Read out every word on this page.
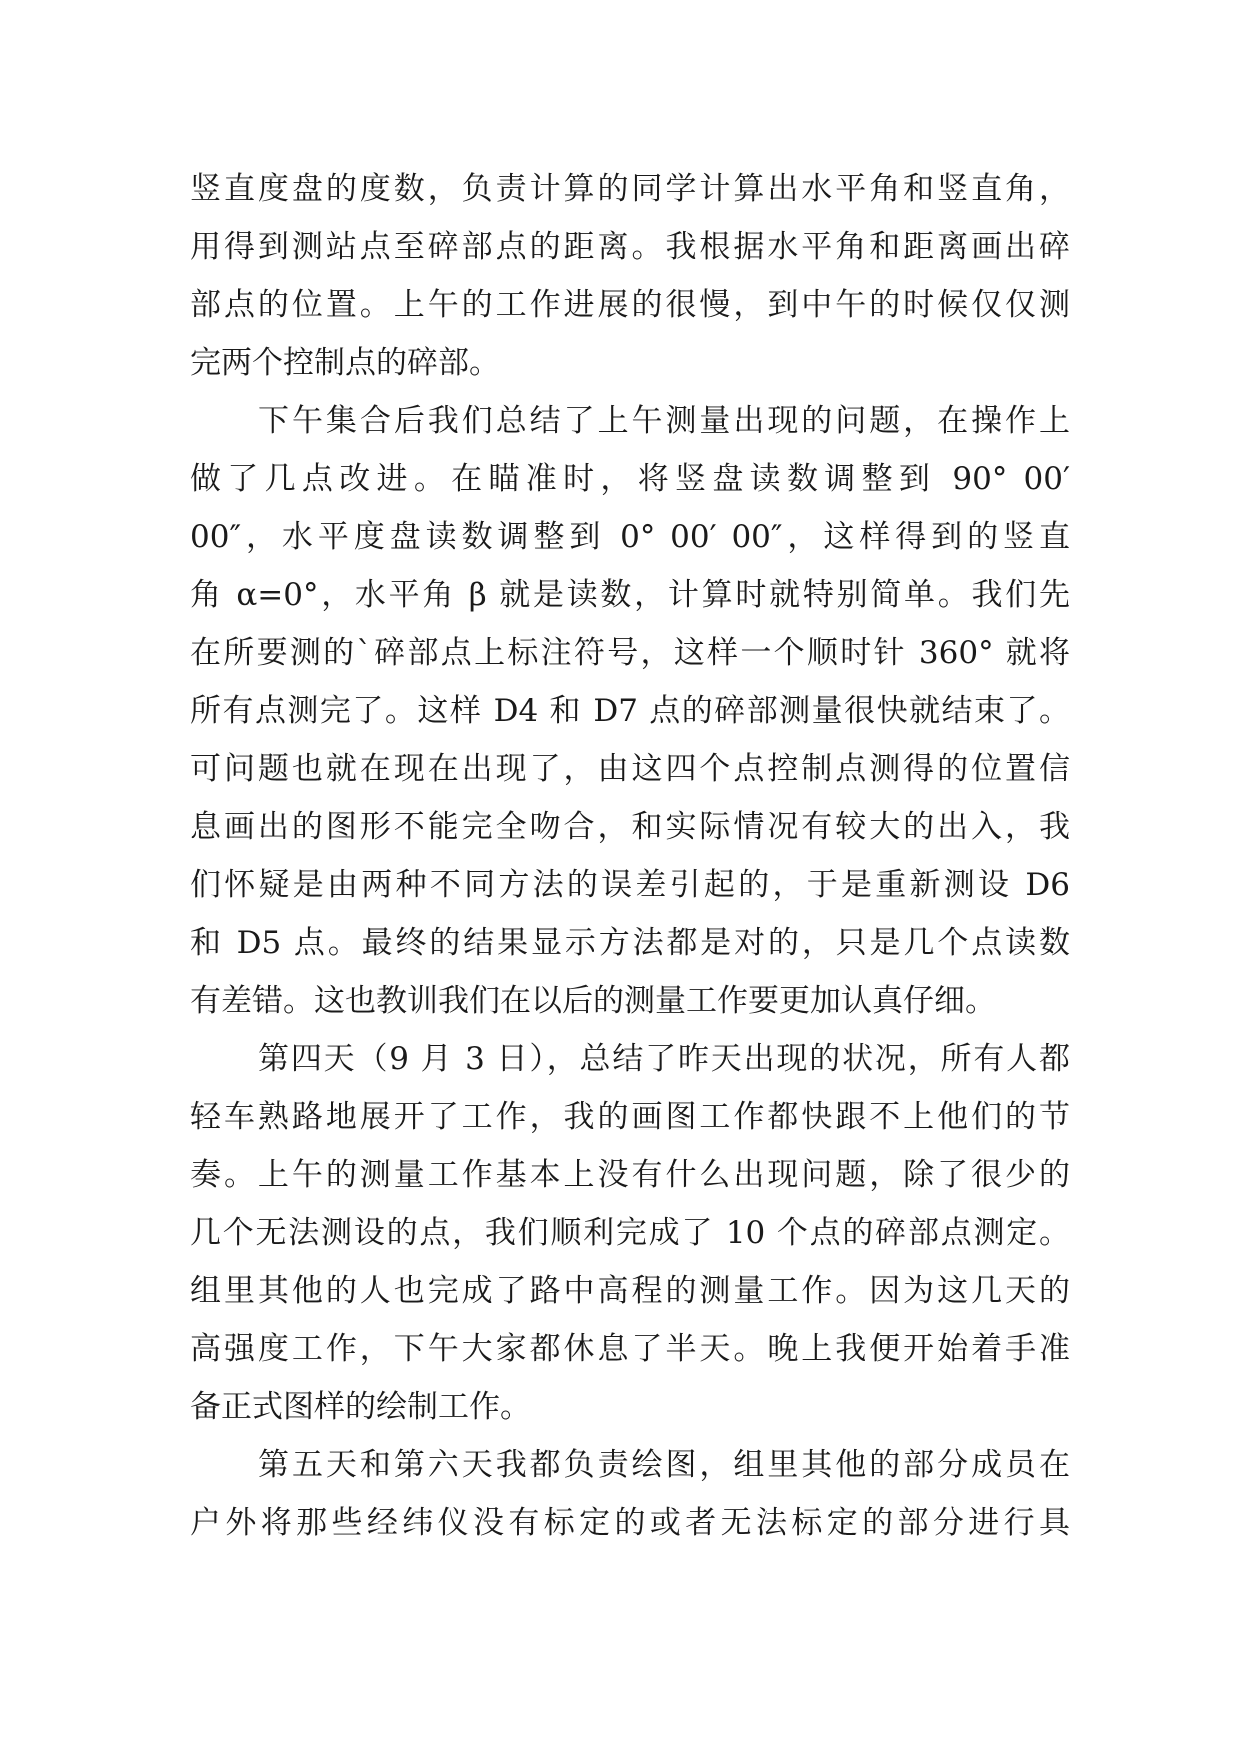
竖直度盘的度数，负责计算的同学计算出水平角和竖直角，
用得到测站点至碎部点的距离。我根据水平角和距离画出碎
部点的位置。上午的工作进展的很慢，到中午的时候仅仅测
完两个控制点的碎部。
下午集合后我们总结了上午测量出现的问题，在操作上
做了几点改进。在瞄准时，将竖盘读数调整到 90° 00′
00″，水平度盘读数调整到 0° 00′ 00″，这样得到的竖直
角 α=0°，水平角 β 就是读数，计算时就特别简单。我们先
在所要测的`碎部点上标注符号，这样一个顺时针 360° 就将
所有点测完了。这样 D4 和 D7 点的碎部测量很快就结束了。
可问题也就在现在出现了，由这四个点控制点测得的位置信
息画出的图形不能完全吻合，和实际情况有较大的出入，我
们怀疑是由两种不同方法的误差引起的，于是重新测设 D6
和 D5 点。最终的结果显示方法都是对的，只是几个点读数
有差错。这也教训我们在以后的测量工作要更加认真仔细。
第四天（9 月 3 日），总结了昨天出现的状况，所有人都
轻车熟路地展开了工作，我的画图工作都快跟不上他们的节
奏。上午的测量工作基本上没有什么出现问题，除了很少的
几个无法测设的点，我们顺利完成了 10 个点的碎部点测定。
组里其他的人也完成了路中高程的测量工作。因为这几天的
高强度工作，下午大家都休息了半天。晚上我便开始着手准
备正式图样的绘制工作。
第五天和第六天我都负责绘图，组里其他的部分成员在
户外将那些经纬仪没有标定的或者无法标定的部分进行具
